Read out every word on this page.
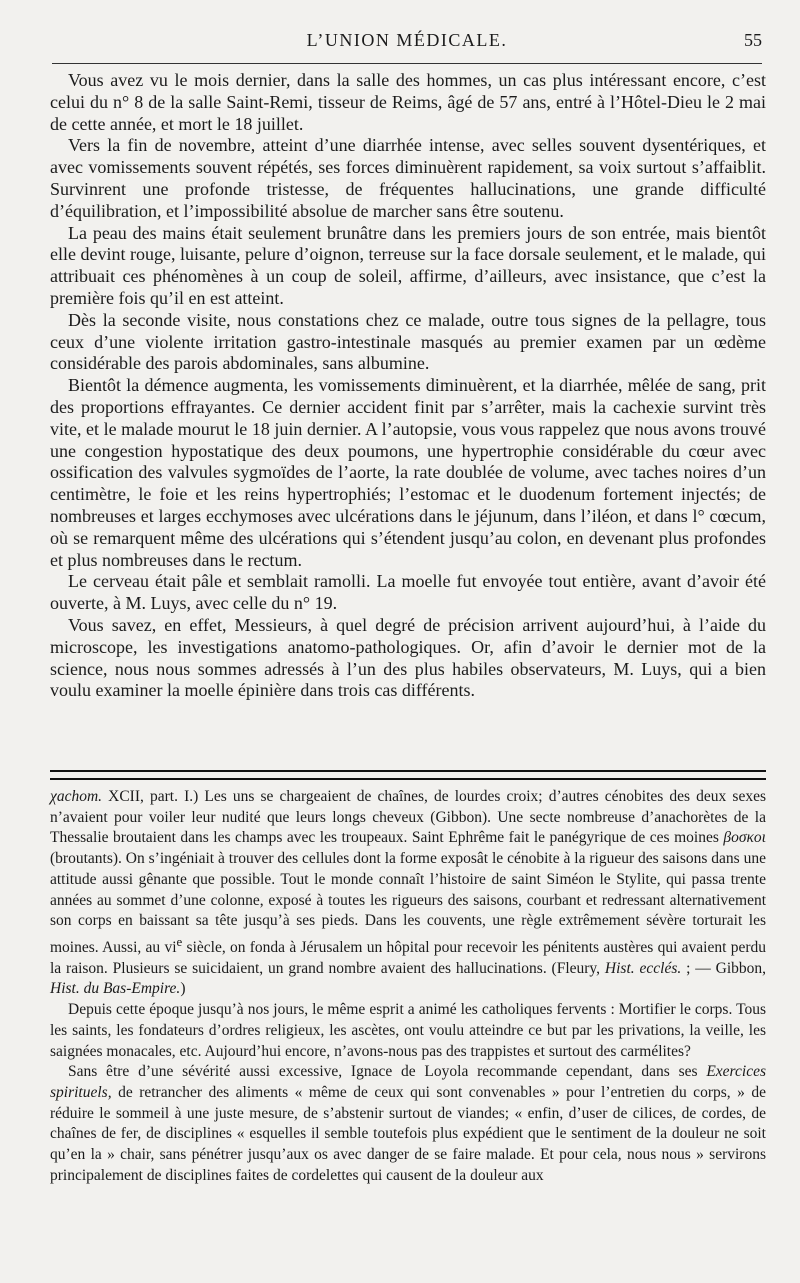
L’UNION MÉDICALE.	55

Vous avez vu le mois dernier, dans la salle des hommes, un cas plus intéressant encore, c’est celui du n° 8 de la salle Saint-Remi, tisseur de Reims, âgé de 57 ans, entré à l’Hôtel-Dieu le 2 mai de cette année, et mort le 18 juillet.

Vers la fin de novembre, atteint d’une diarrhée intense, avec selles souvent dysentériques, et avec vomissements souvent répétés, ses forces diminuèrent rapidement, sa voix surtout s’affaiblit. Survinrent une profonde tristesse, de fréquentes hallucinations, une grande difficulté d’équilibration, et l’impossibilité absolue de marcher sans être soutenu.

La peau des mains était seulement brunâtre dans les premiers jours de son entrée, mais bientôt elle devint rouge, luisante, pelure d’oignon, terreuse sur la face dorsale seulement, et le malade, qui attribuait ces phénomènes à un coup de soleil, affirme, d’ailleurs, avec insistance, que c’est la première fois qu’il en est atteint.

Dès la seconde visite, nous constations chez ce malade, outre tous signes de la pellagre, tous ceux d’une violente irritation gastro-intestinale masqués au premier examen par un œdème considérable des parois abdominales, sans albumine.

Bientôt la démence augmenta, les vomissements diminuèrent, et la diarrhée, mêlée de sang, prit des proportions effrayantes. Ce dernier accident finit par s’arrêter, mais la cachexie survint très vite, et le malade mourut le 18 juin dernier. A l’autopsie, vous vous rappelez que nous avons trouvé une congestion hypostatique des deux poumons, une hypertrophie considérable du cœur avec ossification des valvules sygmoïdes de l’aorte, la rate doublée de volume, avec taches noires d’un centimètre, le foie et les reins hypertrophiés; l’estomac et le duodenum fortement injectés; de nombreuses et larges ecchymoses avec ulcérations dans le jéjunum, dans l’iléon, et dans l° cœcum, où se remarquent même des ulcérations qui s’étendent jusqu’au colon, en devenant plus profondes et plus nombreuses dans le rectum.

Le cerveau était pâle et semblait ramolli. La moelle fut envoyée tout entière, avant d’avoir été ouverte, à M. Luys, avec celle du n° 19.

Vous savez, en effet, Messieurs, à quel degré de précision arrivent aujourd’hui, à l’aide du microscope, les investigations anatomo-pathologiques. Or, afin d’avoir le dernier mot de la science, nous nous sommes adressés à l’un des plus habiles observateurs, M. Luys, qui a bien voulu examiner la moelle épinière dans trois cas différents.

χachom. XCII, part. I.) Les uns se chargeaient de chaînes, de lourdes croix; d’autres cénobites des deux sexes n’avaient pour voiler leur nudité que leurs longs cheveux (Gibbon). Une secte nombreuse d’anachorètes de la Thessalie broutaient dans les champs avec les troupeaux. Saint Ephrême fait le panégyrique de ces moines βοσκοι (broutants). On s’ingéniait à trouver des cellules dont la forme exposât le cénobite à la rigueur des saisons dans une attitude aussi gênante que possible. Tout le monde connaît l’histoire de saint Siméon le Stylite, qui passa trente années au sommet d’une colonne, exposé à toutes les rigueurs des saisons, courbant et redressant alternativement son corps en baissant sa tête jusqu’à ses pieds. Dans les couvents, une règle extrêmement sévère torturait les moines. Aussi, au $vi^e$ siècle, on fonda à Jérusalem un hôpital pour recevoir les pénitents austères qui avaient perdu la raison. Plusieurs se suicidaient, un grand nombre avaient des hallucinations. (Fleury, Hist. ecclés. ; — Gibbon, Hist. du Bas-Empire.)

Depuis cette époque jusqu’à nos jours, le même esprit a animé les catholiques fervents : Mortifier le corps. Tous les saints, les fondateurs d’ordres religieux, les ascètes, ont voulu atteindre ce but par les privations, la veille, les saignées monacales, etc. Aujourd’hui encore, n’avons-nous pas des trappistes et surtout des carmélites?

Sans être d’une sévérité aussi excessive, Ignace de Loyola recommande cependant, dans ses Exercices spirituels, de retrancher des aliments « même de ceux qui sont convenables » pour l’entretien du corps, » de réduire le sommeil à une juste mesure, de s’abstenir surtout de viandes; « enfin, d’user de cilices, de cordes, de chaînes de fer, de disciplines « esquelles il semble toutefois plus expédient que le sentiment de la douleur ne soit qu’en la » chair, sans pénétrer jusqu’aux os avec danger de se faire malade. Et pour cela, nous nous » servirons principalement de disciplines faites de cordelettes qui causent de la douleur aux
